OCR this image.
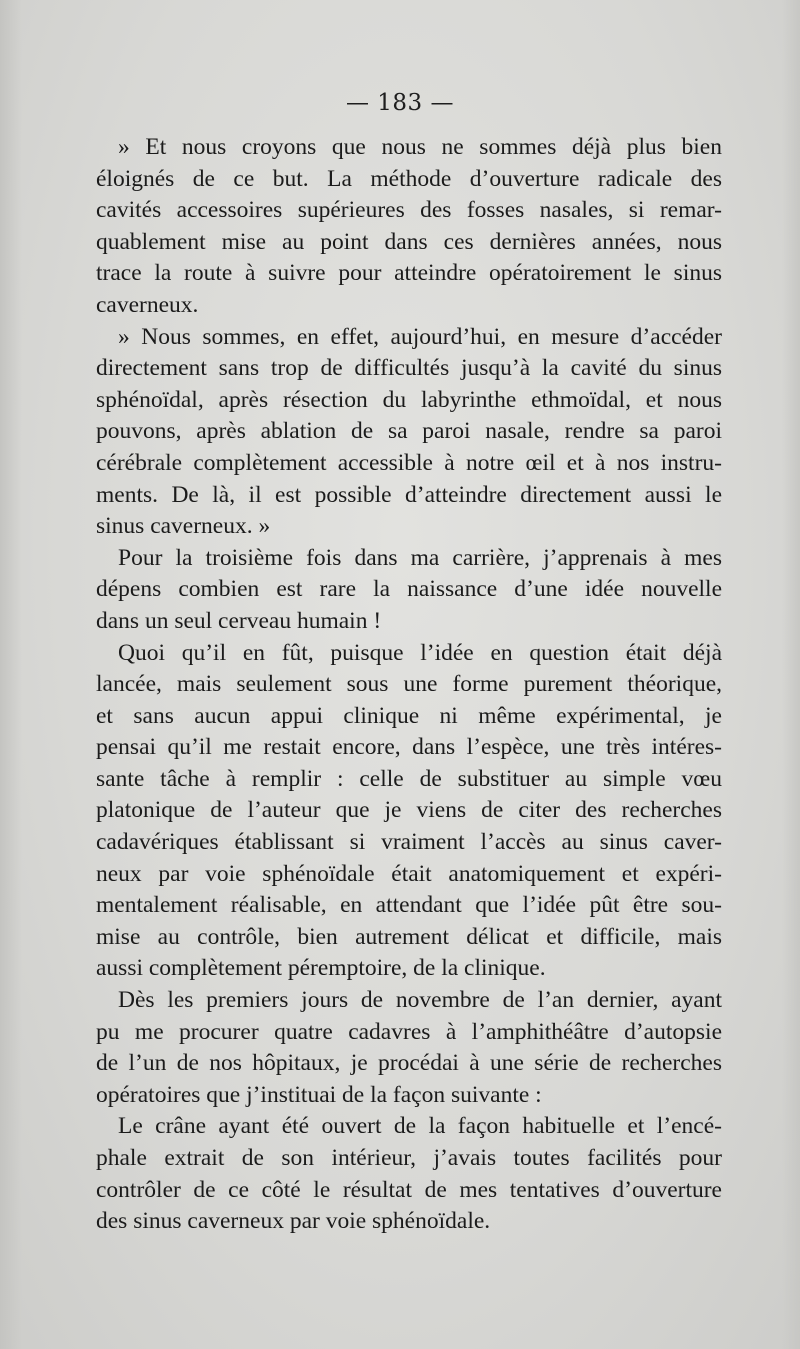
— 183 —
» Et nous croyons que nous ne sommes déjà plus bien
éloignés de ce but. La méthode d’ouverture radicale des
cavités accessoires supérieures des fosses nasales, si remar-
quablement mise au point dans ces dernières années, nous
trace la route à suivre pour atteindre opératoirement le sinus
caverneux.
» Nous sommes, en effet, aujourd’hui, en mesure d’accéder
directement sans trop de difficultés jusqu’à la cavité du sinus
sphénoïdal, après résection du labyrinthe ethmoïdal, et nous
pouvons, après ablation de sa paroi nasale, rendre sa paroi
cérébrale complètement accessible à notre œil et à nos instru-
ments. De là, il est possible d’atteindre directement aussi le
sinus caverneux. »
Pour la troisième fois dans ma carrière, j’apprenais à mes
dépens combien est rare la naissance d’une idée nouvelle
dans un seul cerveau humain !
Quoi qu’il en fût, puisque l’idée en question était déjà
lancée, mais seulement sous une forme purement théorique,
et sans aucun appui clinique ni même expérimental, je
pensai qu’il me restait encore, dans l’espèce, une très intéres-
sante tâche à remplir : celle de substituer au simple vœu
platonique de l’auteur que je viens de citer des recherches
cadavériques établissant si vraiment l’accès au sinus caver-
neux par voie sphénoïdale était anatomiquement et expéri-
mentalement réalisable, en attendant que l’idée pût être sou-
mise au contrôle, bien autrement délicat et difficile, mais
aussi complètement péremptoire, de la clinique.
Dès les premiers jours de novembre de l’an dernier, ayant
pu me procurer quatre cadavres à l’amphithéâtre d’autopsie
de l’un de nos hôpitaux, je procédai à une série de recherches
opératoires que j’instituai de la façon suivante :
Le crâne ayant été ouvert de la façon habituelle et l’encé-
phale extrait de son intérieur, j’avais toutes facilités pour
contrôler de ce côté le résultat de mes tentatives d’ouverture
des sinus caverneux par voie sphénoïdale.
